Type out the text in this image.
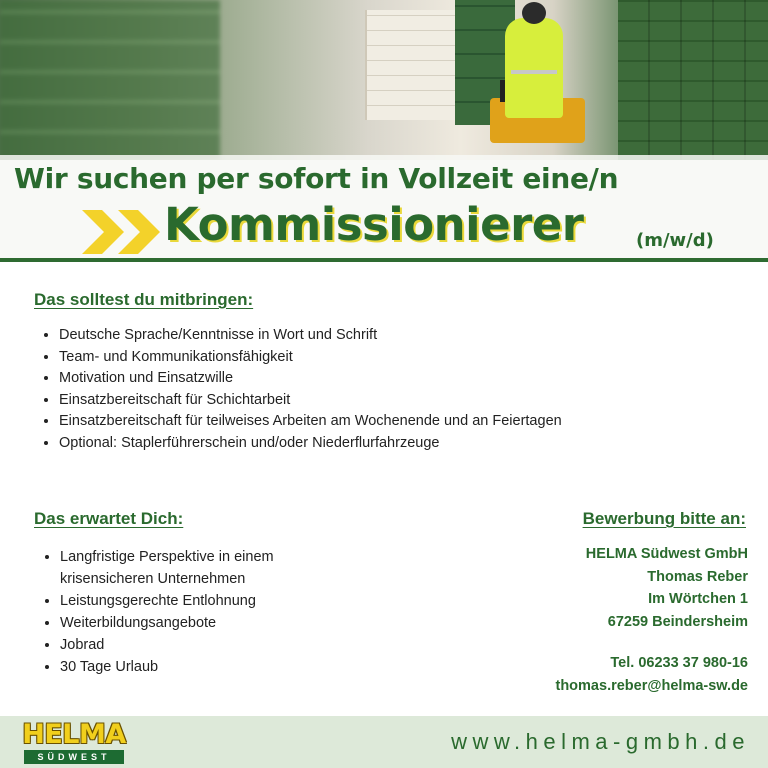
Wir suchen per sofort in Vollzeit eine/n
Kommissionierer	(m/w/d)
Das solltest du mitbringen:
• Deutsche Sprache/Kenntnisse in Wort und Schrift
• Team- und Kommunikationsfähigkeit
• Motivation und Einsatzwille
• Einsatzbereitschaft für Schichtarbeit
• Einsatzbereitschaft für teilweises Arbeiten am Wochenende und an Feiertagen
• Optional: Staplerführerschein und/oder Niederflurfahrzeuge
Das erwartet Dich:
• Langfristige Perspektive in einem krisensicheren Unternehmen
• Leistungsgerechte Entlohnung
• Weiterbildungsangebote
• Jobrad
• 30 Tage Urlaub
Bewerbung bitte an:
HELMA Südwest GmbH
Thomas Reber
Im Wörtchen 1
67259 Beindersheim
Tel. 06233 37 980-16
thomas.reber@helma-sw.de
HELMA
SÜDWEST

www.helma-gmbh.de
